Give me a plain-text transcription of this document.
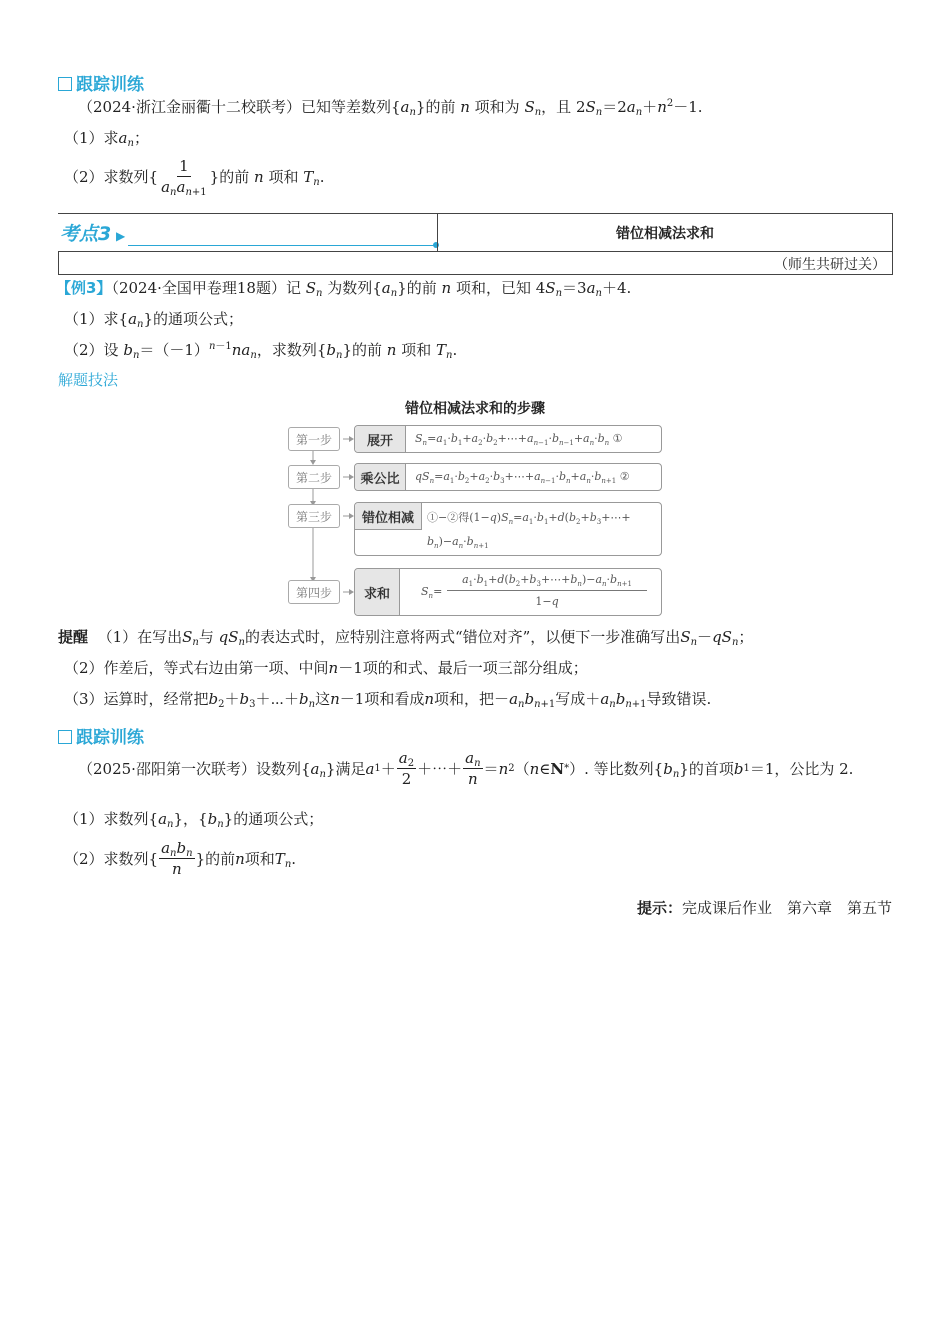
跟踪训练
（2024·浙江金丽衢十二校联考）已知等差数列$\{a_n\}$的前 n 项和为 $S_n$，且 $2S_n=2a_n+n^2-1$.
（1）求$a_n$；
（2）求数列 { $\frac{1}{a_na_{n+1}}$ } 的前
n
项和
$T_n$ .
考点3 ▶	错位相减法求和
（师生共研过关）
【例3】（2024·全国甲卷理18题）记 $S_n$ 为数列$\{a_n\}$的前 n 项和，已知 $4S_n=3a_n+4$.
（1）求$\{a_n\}$的通项公式；
（2）设 $b_n=(-1)^{n-1}na_n$，求数列$\{b_n\}$的前 n 项和 $T_n$.
解题技法
错位相减法求和的步骤
第一步
第二步
第三步
第四步
展开	$S_n=a_1\cdot b_1+a_2\cdot b_2+\cdots+a_{n-1}\cdot b_{n-1}+a_n\cdot b_n$ ①
乘公比	$qS_n=a_1\cdot b_2+a_2\cdot b_3+\cdots+a_{n-1}\cdot b_n+a_n\cdot b_{n+1}$ ②
错位相减	①−②得$(1-q)S_n=a_1\cdot b_1+d(b_2+b_3+\cdots+$
$b_n)-a_n\cdot b_{n+1}$
求和	$S_n=$
$a_1\cdot b_1+d(b_2+b_3+\cdots+b_n)-a_n\cdot b_{n+1}$
1−q
提醒 （1）在写出$S_n$与 $qS_n$的表达式时，应特别注意将两式“错位对齐”，以便下一步准确写出$S_n-qS_n$；
（2）作差后，等式右边由第一项、中间n－1项的和式、最后一项三部分组成；
（3）运算时，经常把$b_2+b_3+\cdots+b_n$这n－1项和看成n项和，把$-a_nb_{n+1}$写成$+a_nb_{n+1}$导致错误.
跟踪训练
（2025·邵阳第一次联考） 设数列{ $a_n$ }满足 a $1 + \frac{a_2}{2}$ ＋⋯＋ $\frac{a_n}{n} = n$ 2 （ n ∈ N * ）. 等比数列{ $b_n$ }的首项 b 1 ＝1，公比为 2.
（1）求数列$\{a_n\}$，$\{b_n\}$的通项公式；
（2）求数列 { $\frac{a_nb_n}{n}$ }的前 n 项和 $T_n$ .
提示：完成课后作业　第六章　第五节
